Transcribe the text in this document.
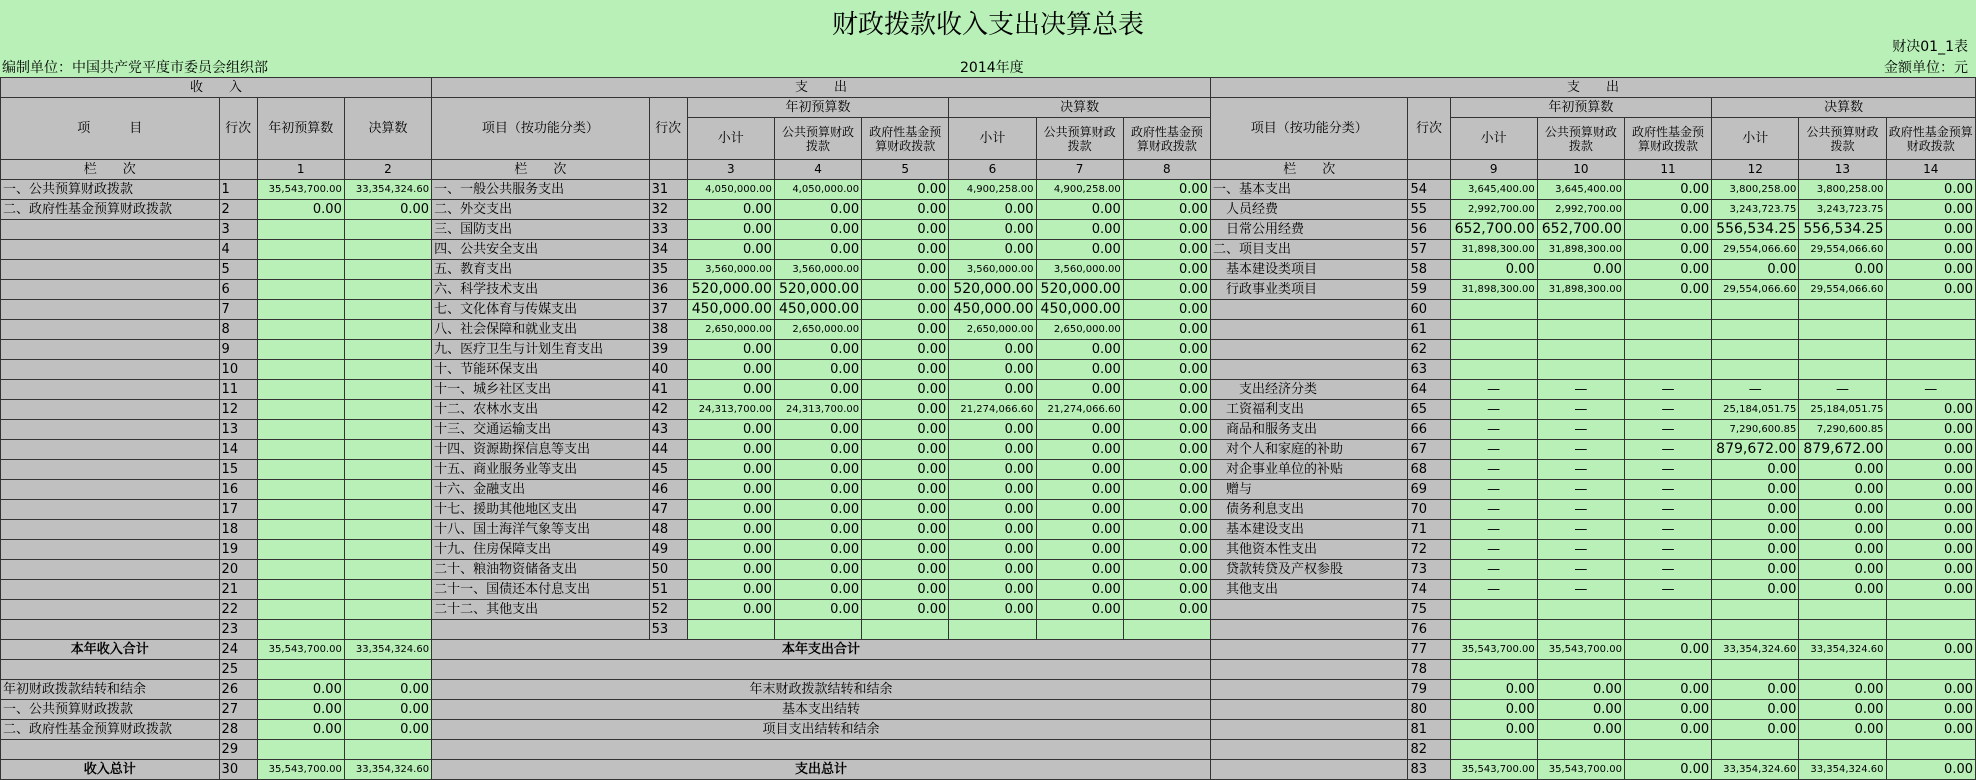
财政拨款收入支出决算总表
财决01_1表
编制单位：中国共产党平度市委员会组织部	2014年度	金额单位：元
收　　入				支　　出								支　　出							
项　　　目	行次	年初预算数	决算数	项目（按功能分类）	行次	年初预算数			决算数			项目（按功能分类）	行次	年初预算数			决算数		
						小计	公共预算财政拨款	政府性基金预算财政拨款	小计	公共预算财政拨款	政府性基金预算财政拨款			小计	公共预算财政拨款	政府性基金预算财政拨款	小计	公共预算财政拨款	政府性基金预算财政拨款
栏　　次		1	2	栏　　次		3	4	5	6	7	8	栏　　次		9	10	11	12	13	14
一、公共预算财政拨款	1	35,543,700.00	33,354,324.60	一、一般公共服务支出	31	4,050,000.00	4,050,000.00	0.00	4,900,258.00	4,900,258.00	0.00	一、基本支出	54	3,645,400.00	3,645,400.00	0.00	3,800,258.00	3,800,258.00	0.00
二、政府性基金预算财政拨款	2	0.00	0.00	二、外交支出	32	0.00	0.00	0.00	0.00	0.00	0.00	　人员经费	55	2,992,700.00	2,992,700.00	0.00	3,243,723.75	3,243,723.75	0.00
	3			三、国防支出	33	0.00	0.00	0.00	0.00	0.00	0.00	　日常公用经费	56	652,700.00	652,700.00	0.00	556,534.25	556,534.25	0.00
	4			四、公共安全支出	34	0.00	0.00	0.00	0.00	0.00	0.00	二、项目支出	57	31,898,300.00	31,898,300.00	0.00	29,554,066.60	29,554,066.60	0.00
	5			五、教育支出	35	3,560,000.00	3,560,000.00	0.00	3,560,000.00	3,560,000.00	0.00	　基本建设类项目	58	0.00	0.00	0.00	0.00	0.00	0.00
	6			六、科学技术支出	36	520,000.00	520,000.00	0.00	520,000.00	520,000.00	0.00	　行政事业类项目	59	31,898,300.00	31,898,300.00	0.00	29,554,066.60	29,554,066.60	0.00
	7			七、文化体育与传媒支出	37	450,000.00	450,000.00	0.00	450,000.00	450,000.00	0.00		60						
	8			八、社会保障和就业支出	38	2,650,000.00	2,650,000.00	0.00	2,650,000.00	2,650,000.00	0.00		61						
	9			九、医疗卫生与计划生育支出	39	0.00	0.00	0.00	0.00	0.00	0.00		62						
	10			十、节能环保支出	40	0.00	0.00	0.00	0.00	0.00	0.00		63						
	11			十一、城乡社区支出	41	0.00	0.00	0.00	0.00	0.00	0.00	　　支出经济分类	64	—	—	—	—	—	—
	12			十二、农林水支出	42	24,313,700.00	24,313,700.00	0.00	21,274,066.60	21,274,066.60	0.00	　工资福利支出	65	—	—	—	25,184,051.75	25,184,051.75	0.00
	13			十三、交通运输支出	43	0.00	0.00	0.00	0.00	0.00	0.00	　商品和服务支出	66	—	—	—	7,290,600.85	7,290,600.85	0.00
	14			十四、资源勘探信息等支出	44	0.00	0.00	0.00	0.00	0.00	0.00	　对个人和家庭的补助	67	—	—	—	879,672.00	879,672.00	0.00
	15			十五、商业服务业等支出	45	0.00	0.00	0.00	0.00	0.00	0.00	　对企事业单位的补贴	68	—	—	—	0.00	0.00	0.00
	16			十六、金融支出	46	0.00	0.00	0.00	0.00	0.00	0.00	　赠与	69	—	—	—	0.00	0.00	0.00
	17			十七、援助其他地区支出	47	0.00	0.00	0.00	0.00	0.00	0.00	　债务利息支出	70	—	—	—	0.00	0.00	0.00
	18			十八、国土海洋气象等支出	48	0.00	0.00	0.00	0.00	0.00	0.00	　基本建设支出	71	—	—	—	0.00	0.00	0.00
	19			十九、住房保障支出	49	0.00	0.00	0.00	0.00	0.00	0.00	　其他资本性支出	72	—	—	—	0.00	0.00	0.00
	20			二十、粮油物资储备支出	50	0.00	0.00	0.00	0.00	0.00	0.00	　贷款转贷及产权参股	73	—	—	—	0.00	0.00	0.00
	21			二十一、国债还本付息支出	51	0.00	0.00	0.00	0.00	0.00	0.00	　其他支出	74	—	—	—	0.00	0.00	0.00
	22			二十二、其他支出	52	0.00	0.00	0.00	0.00	0.00	0.00		75						
	23				53								76						
本年收入合计	24	35,543,700.00	33,354,324.60	本年支出合计									77	35,543,700.00	35,543,700.00	0.00	33,354,324.60	33,354,324.60	0.00
	25												78						
年初财政拨款结转和结余	26	0.00	0.00	年末财政拨款结转和结余									79	0.00	0.00	0.00	0.00	0.00	0.00
一、公共预算财政拨款	27	0.00	0.00	基本支出结转									80	0.00	0.00	0.00	0.00	0.00	0.00
二、政府性基金预算财政拨款	28	0.00	0.00	项目支出结转和结余									81	0.00	0.00	0.00	0.00	0.00	0.00
	29												82						
收入总计	30	35,543,700.00	33,354,324.60	支出总计									83	35,543,700.00	35,543,700.00	0.00	33,354,324.60	33,354,324.60	0.00
